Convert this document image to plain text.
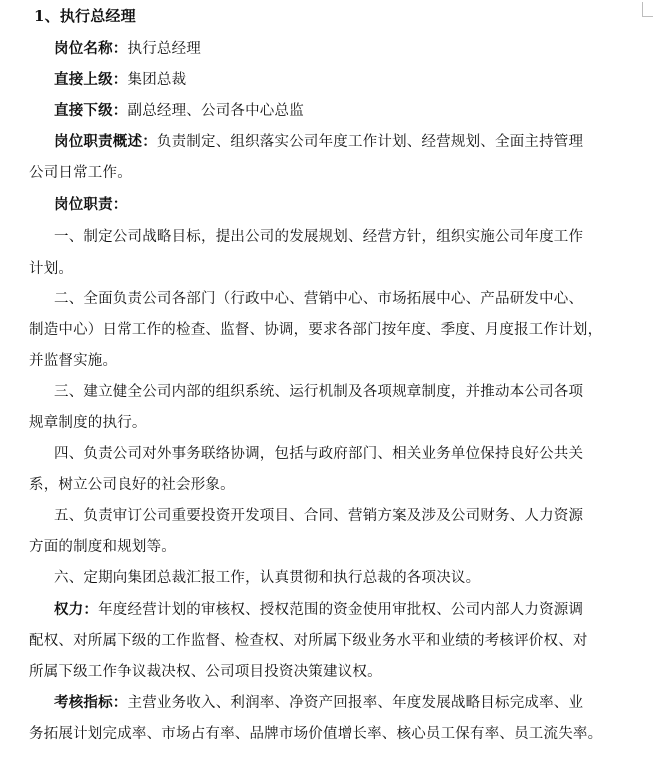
1、执行总经理
岗位名称：执行总经理
直接上级：集团总裁
直接下级：副总经理、公司各中心总监
岗位职责概述：负责制定、组织落实公司年度工作计划、经营规划、全面主持管理
公司日常工作。
岗位职责：
一、制定公司战略目标，提出公司的发展规划、经营方针，组织实施公司年度工作
计划。
二、全面负责公司各部门（行政中心、营销中心、市场拓展中心、产品研发中心、
制造中心）日常工作的检查、监督、协调，要求各部门按年度、季度、月度报工作计划，
并监督实施。
三、建立健全公司内部的组织系统、运行机制及各项规章制度，并推动本公司各项
规章制度的执行。
四、负责公司对外事务联络协调，包括与政府部门、相关业务单位保持良好公共关
系，树立公司良好的社会形象。
五、负责审订公司重要投资开发项目、合同、营销方案及涉及公司财务、人力资源
方面的制度和规划等。
六、定期向集团总裁汇报工作，认真贯彻和执行总裁的各项决议。
权力：年度经营计划的审核权、授权范围的资金使用审批权、公司内部人力资源调
配权、对所属下级的工作监督、检查权、对所属下级业务水平和业绩的考核评价权、对
所属下级工作争议裁决权、公司项目投资决策建议权。
考核指标：主营业务收入、利润率、净资产回报率、年度发展战略目标完成率、业
务拓展计划完成率、市场占有率、品牌市场价值增长率、核心员工保有率、员工流失率。
